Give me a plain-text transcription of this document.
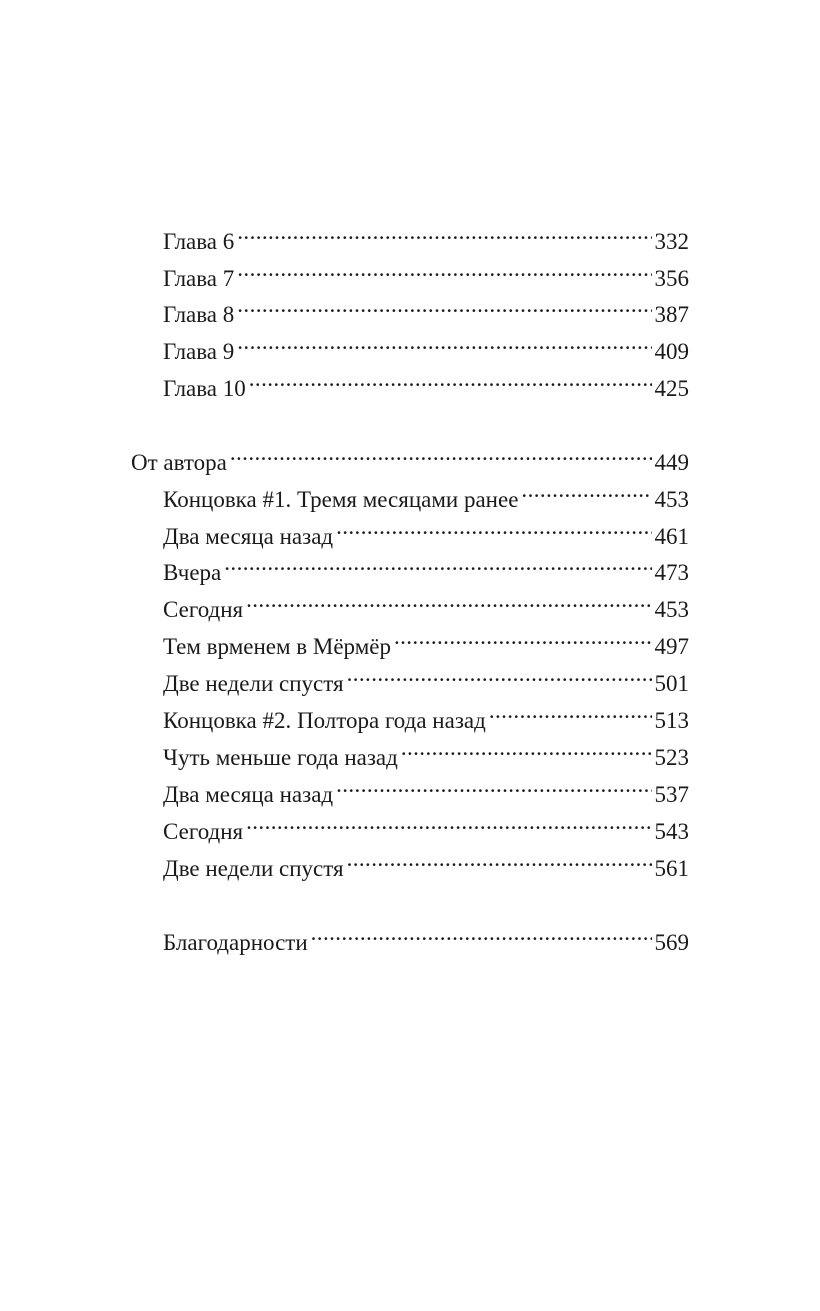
Глава 6 .....	332
Глава 7 .....	356
Глава 8 .....	387
Глава 9 .....	409
Глава 10 .....	425
От автора .....	449
Концовка #1. Тремя месяцами ранее .....	453
Два месяца назад .....	461
Вчера .....	473
Сегодня .....	453
Тем врменем в Мёрмёр .....	497
Две недели спустя .....	501
Концовка #2. Полтора года назад .....	513
Чуть меньше года назад .....	523
Два месяца назад .....	537
Сегодня .....	543
Две недели спустя .....	561
Благодарности .....	569
